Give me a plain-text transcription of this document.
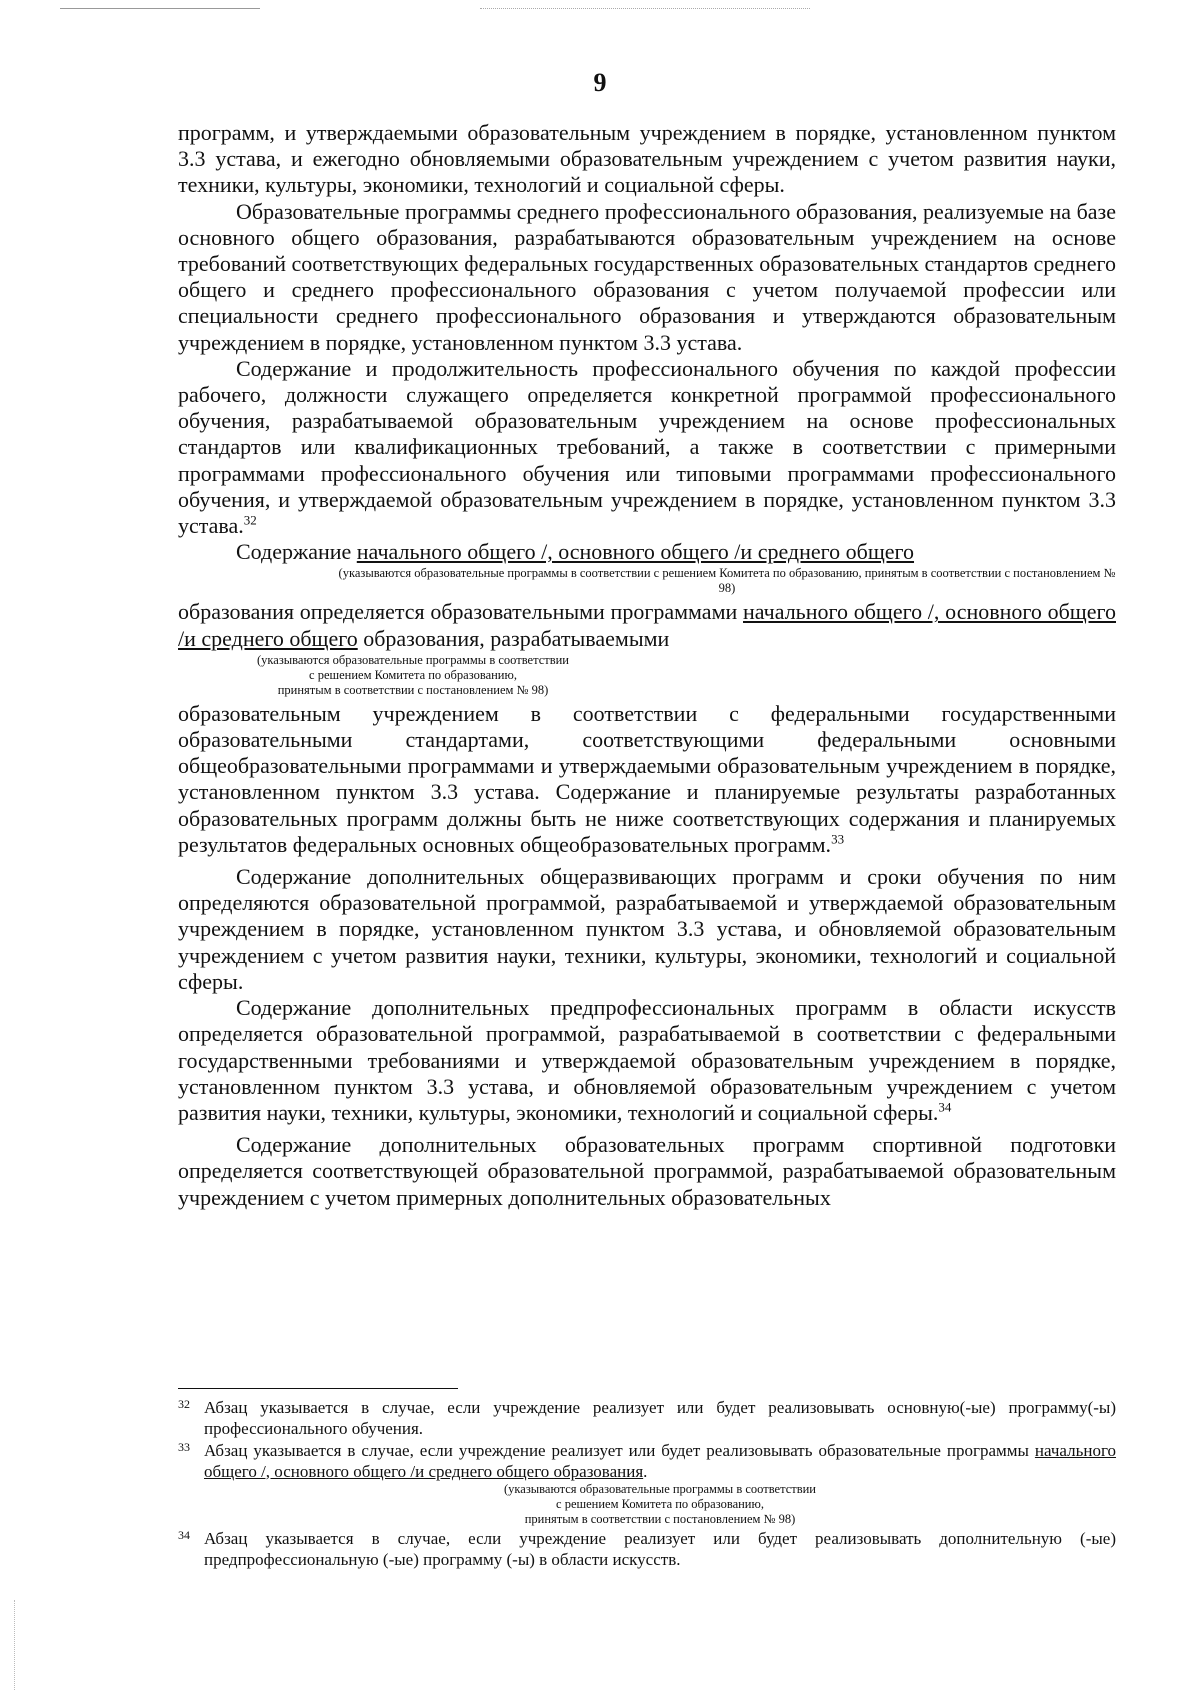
9

программ, и утверждаемыми образовательным учреждением в порядке, установленном пунктом 3.3 устава, и ежегодно обновляемыми образовательным учреждением с учетом развития науки, техники, культуры, экономики, технологий и социальной сферы.

Образовательные программы среднего профессионального образования, реализуемые на базе основного общего образования, разрабатываются образовательным учреждением на основе требований соответствующих федеральных государственных образовательных стандартов среднего общего и среднего профессионального образования с учетом получаемой профессии или специальности среднего профессионального образования и утверждаются образовательным учреждением в порядке, установленном пунктом 3.3 устава.

Содержание и продолжительность профессионального обучения по каждой профессии рабочего, должности служащего определяется конкретной программой профессионального обучения, разрабатываемой образовательным учреждением на основе профессиональных стандартов или квалификационных требований, а также в соответствии с примерными программами профессионального обучения или типовыми программами профессионального обучения, и утверждаемой образовательным учреждением в порядке, установленном пунктом 3.3 устава.$^{32}$

Содержание начального общего /, основного общего /и среднего общего

(указываются образовательные программы в соответствии с решением Комитета по образованию, принятым в соответствии с постановлением № 98)

образования определяется образовательными программами начального общего /, основного общего /и среднего общего образования, разрабатываемыми

(указываются образовательные программы в соответствии
с решением Комитета по образованию,
принятым в соответствии с постановлением № 98)

образовательным учреждением в соответствии с федеральными государственными образовательными стандартами, соответствующими федеральными основными общеобразовательными программами и утверждаемыми образовательным учреждением в порядке, установленном пунктом 3.3 устава. Содержание и планируемые результаты разработанных образовательных программ должны быть не ниже соответствующих содержания и планируемых результатов федеральных основных общеобразовательных программ.$^{33}$

Содержание дополнительных общеразвивающих программ и сроки обучения по ним определяются образовательной программой, разрабатываемой и утверждаемой образовательным учреждением в порядке, установленном пунктом 3.3 устава, и обновляемой образовательным учреждением с учетом развития науки, техники, культуры, экономики, технологий и социальной сферы.

Содержание дополнительных предпрофессиональных программ в области искусств определяется образовательной программой, разрабатываемой в соответствии с федеральными государственными требованиями и утверждаемой образовательным учреждением в порядке, установленном пунктом 3.3 устава, и обновляемой образовательным учреждением с учетом развития науки, техники, культуры, экономики, технологий и социальной сферы.$^{34}$

Содержание дополнительных образовательных программ спортивной подготовки определяется соответствующей образовательной программой, разрабатываемой образовательным учреждением с учетом примерных дополнительных образовательных

32 Абзац указывается в случае, если учреждение реализует или будет реализовывать основную(-ые) программу(-ы) профессионального обучения.
33 Абзац указывается в случае, если учреждение реализует или будет реализовывать образовательные программы начального общего /, основного общего /и среднего общего образования.
(указываются образовательные программы в соответствии
с решением Комитета по образованию,
принятым в соответствии с постановлением № 98)
34 Абзац указывается в случае, если учреждение реализует или будет реализовывать дополнительную (-ые) предпрофессиональную (-ые) программу (-ы) в области искусств.
